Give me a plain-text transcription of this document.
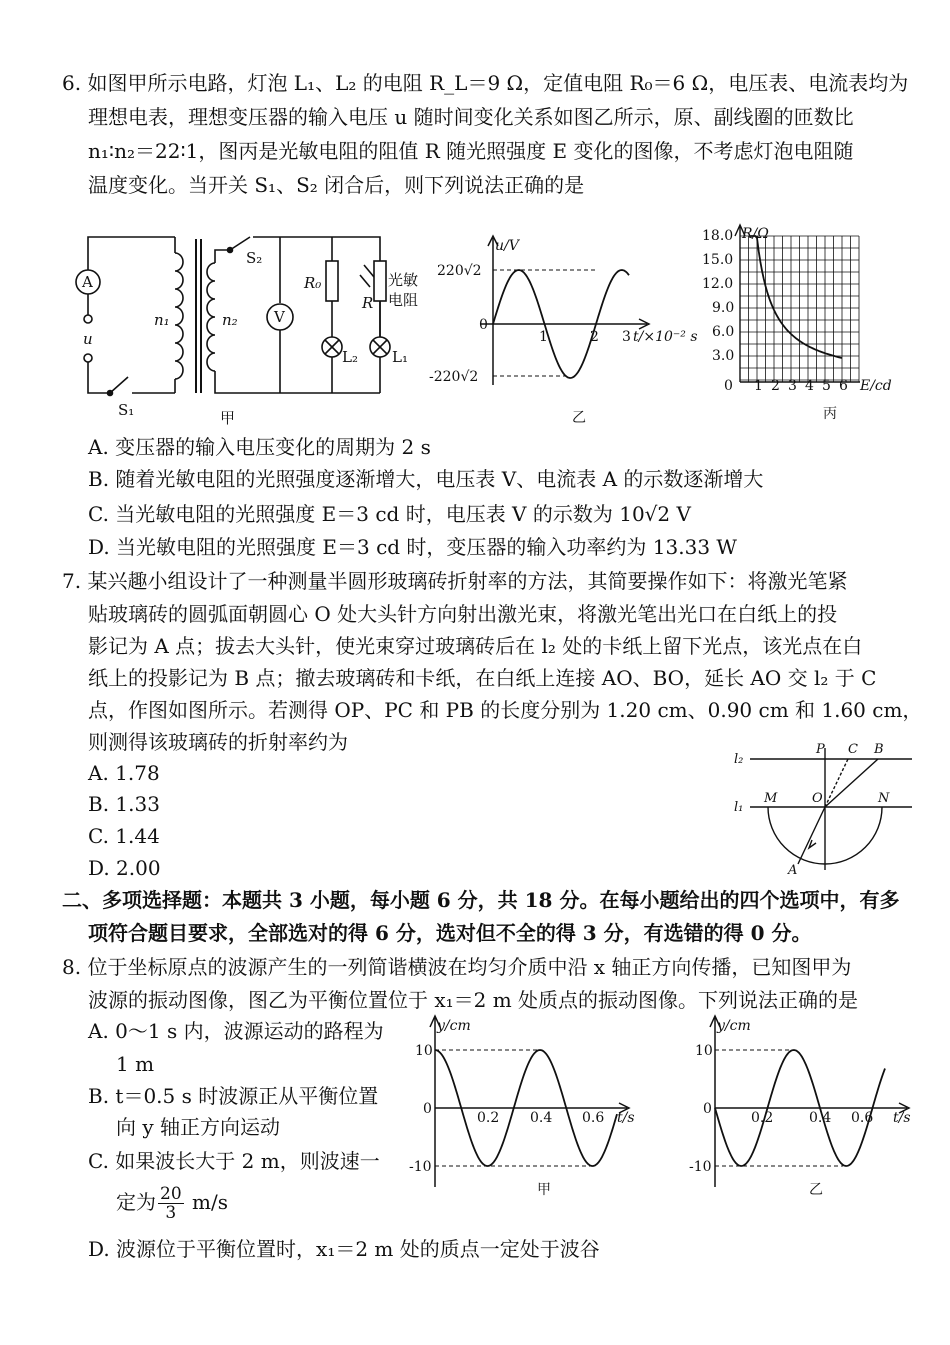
6. 如图甲所示电路，灯泡 L₁、L₂ 的电阻 R_L＝9 Ω，定值电阻 R₀＝6 Ω，电压表、电流表均为
理想电表，理想变压器的输入电压 u 随时间变化关系如图乙所示，原、副线圈的匝数比
n₁∶n₂＝22∶1，图丙是光敏电阻的阻值 R 随光照强度 E 变化的图像，不考虑灯泡电阻随
温度变化。当开关 S₁、S₂ 闭合后，则下列说法正确的是
A
V
u
n₁	n₂
S₁
S₂
R₀
R
L₂ L₁
光敏
电阻
甲
u/V
220√2
-220√2
0
1	2 3 t/×10⁻² s
乙
R/Ω
18.0
15.0
12.0
9.0
6.0
3.0
0 1 2 3 4 5 6 E/cd
丙
A. 变压器的输入电压变化的周期为 2 s
B. 随着光敏电阻的光照强度逐渐增大，电压表 V、电流表 A 的示数逐渐增大
C. 当光敏电阻的光照强度 E＝3 cd 时，电压表 V 的示数为 10√2 V
D. 当光敏电阻的光照强度 E＝3 cd 时，变压器的输入功率约为 13.33 W
7. 某兴趣小组设计了一种测量半圆形玻璃砖折射率的方法，其简要操作如下：将激光笔紧
贴玻璃砖的圆弧面朝圆心 O 处大头针方向射出激光束，将激光笔出光口在白纸上的投
影记为 A 点；拔去大头针，使光束穿过玻璃砖后在 l₂ 处的卡纸上留下光点，该光点在白
纸上的投影记为 B 点；撤去玻璃砖和卡纸，在白纸上连接 AO、BO，延长 AO 交 l₂ 于 C
点，作图如图所示。若测得 OP、PC 和 PB 的长度分别为 1.20 cm、0.90 cm 和 1.60 cm，
则测得该玻璃砖的折射率约为
A. 1.78
B. 1.33
C. 1.44
D. 2.00
l₂
l₁
P C B
M	O	N
A
二、多项选择题：本题共 3 小题，每小题 6 分，共 18 分。在每小题给出的四个选项中，有多
项符合题目要求，全部选对的得 6 分，选对但不全的得 3 分，有选错的得 0 分。
8. 位于坐标原点的波源产生的一列简谐横波在均匀介质中沿 x 轴正方向传播，已知图甲为
波源的振动图像，图乙为平衡位置位于 x₁＝2 m 处质点的振动图像。下列说法正确的是
A. 0～1 s 内，波源运动的路程为
1 m
B. t＝0.5 s 时波源正从平衡位置
向 y 轴正方向运动
C. 如果波长大于 2 m，则波速一
定为 $\frac{20}{3} m/s$
D. 波源位于平衡位置时，x₁＝2 m 处的质点一定处于波谷
y/cm
10
-10
0
0.2 0.4 0.6 t/s
甲
y/cm
10
-10
0
0.2	0.4 0.6 t/s
乙
